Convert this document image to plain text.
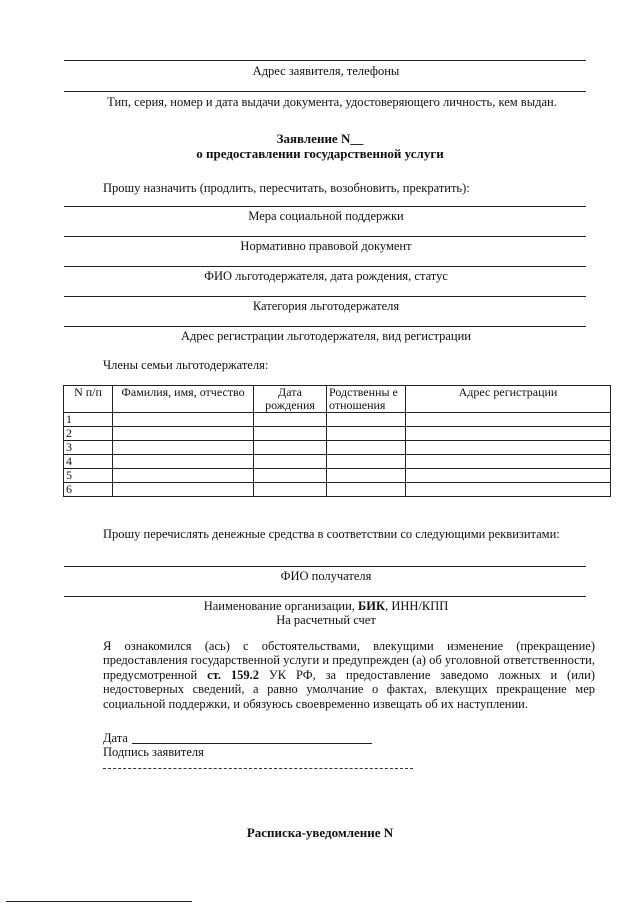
Адрес заявителя, телефоны
Тип, серия, номер и дата выдачи документа, удостоверяющего личность, кем выдан.
Заявление N__
о предоставлении государственной услуги
Прошу назначить (продлить, пересчитать, возобновить, прекратить):
Мера социальной поддержки
Нормативно правовой документ
ФИО льготодержателя, дата рождения, статус
Категория льготодержателя
Адрес регистрации льготодержателя, вид регистрации
Члены семьи льготодержателя:
N п/п	Фамилия, имя, отчество	Дата рождения	Родственны е отношения	Адрес регистрации
1				
2				
3				
4				
5				
6				
Прошу перечислять денежные средства в соответствии со следующими реквизитами:
ФИО получателя
Наименование организации, БИК, ИНН/КПП
На расчетный счет
Я ознакомился (ась) с обстоятельствами, влекущими изменение (прекращение) предоставления государственной услуги и предупрежден (а) об уголовной ответственности, предусмотренной ст. 159.2 УК РФ, за предоставление заведомо ложных и (или) недостоверных сведений, а равно умолчание о фактах, влекущих прекращение мер социальной поддержки, и обязуюсь своевременно извещать об их наступлении.
Дата
Подпись заявителя
Расписка-уведомление N
